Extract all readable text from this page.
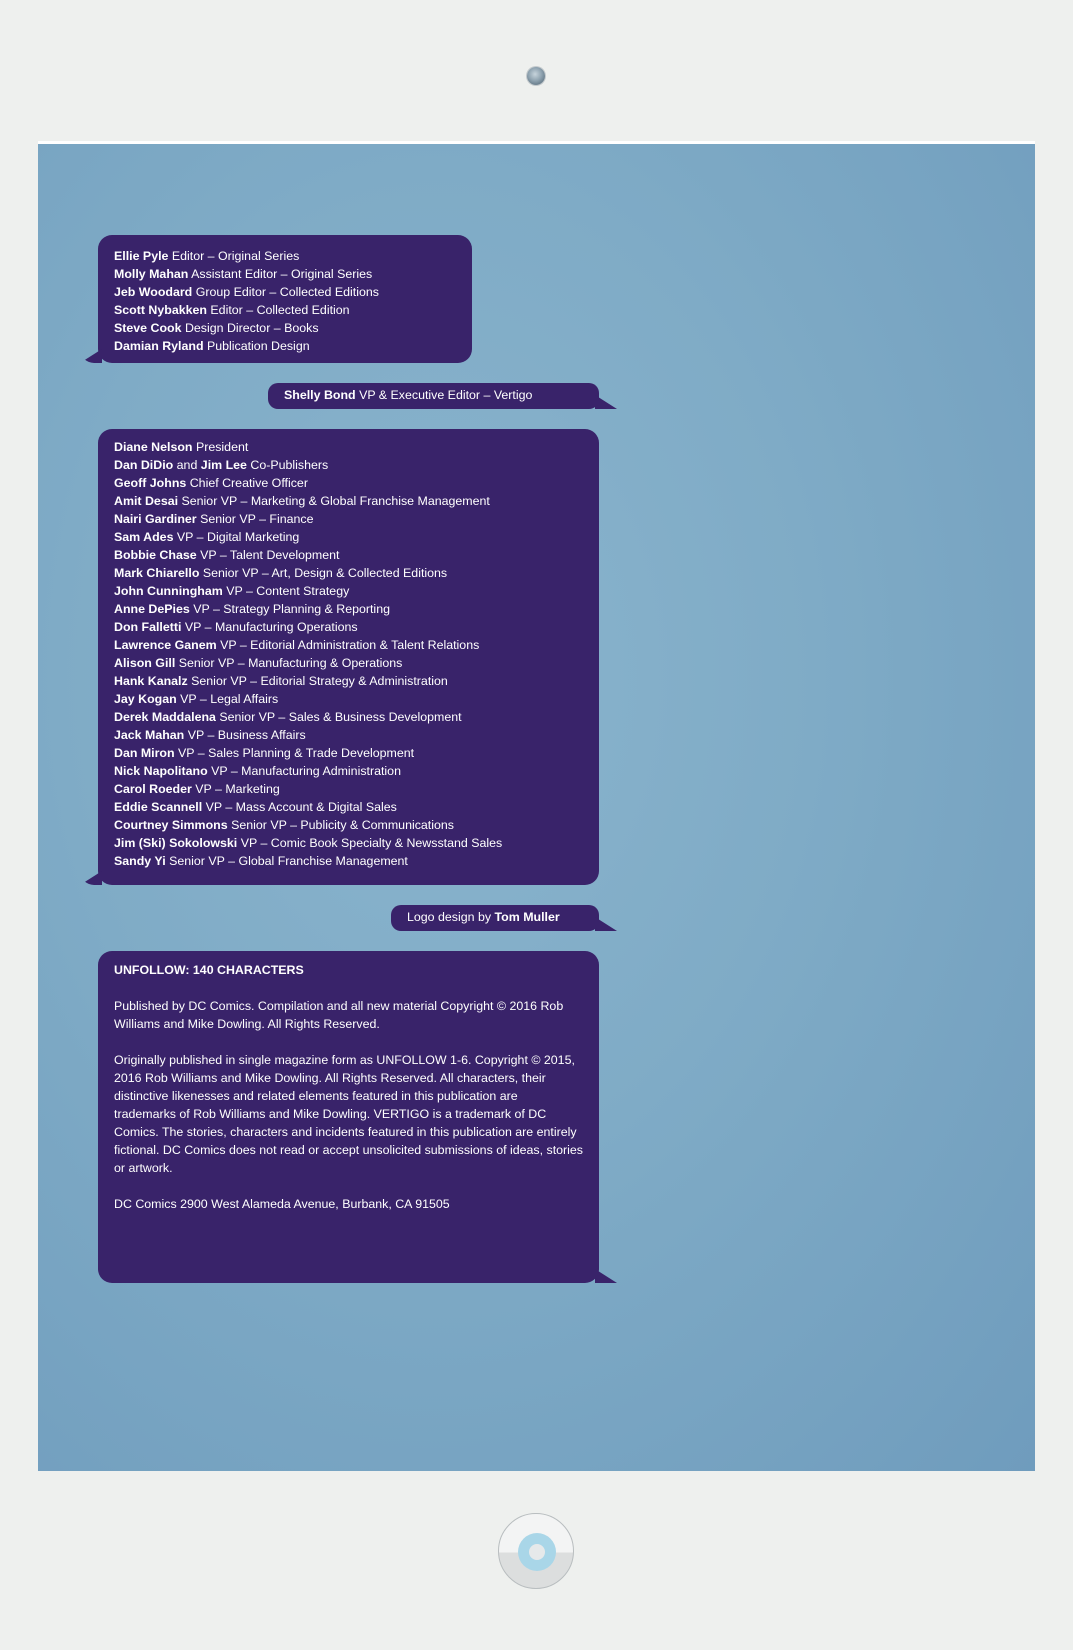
Ellie Pyle Editor – Original Series
Molly Mahan Assistant Editor – Original Series
Jeb Woodard Group Editor – Collected Editions
Scott Nybakken Editor – Collected Edition
Steve Cook Design Director – Books
Damian Ryland Publication Design
Shelly Bond VP & Executive Editor – Vertigo
Diane Nelson President
Dan DiDio and Jim Lee Co-Publishers
Geoff Johns Chief Creative Officer
Amit Desai Senior VP – Marketing & Global Franchise Management
Nairi Gardiner Senior VP – Finance
Sam Ades VP – Digital Marketing
Bobbie Chase VP – Talent Development
Mark Chiarello Senior VP – Art, Design & Collected Editions
John Cunningham VP – Content Strategy
Anne DePies VP – Strategy Planning & Reporting
Don Falletti VP – Manufacturing Operations
Lawrence Ganem VP – Editorial Administration & Talent Relations
Alison Gill Senior VP – Manufacturing & Operations
Hank Kanalz Senior VP – Editorial Strategy & Administration
Jay Kogan VP – Legal Affairs
Derek Maddalena Senior VP – Sales & Business Development
Jack Mahan VP – Business Affairs
Dan Miron VP – Sales Planning & Trade Development
Nick Napolitano VP – Manufacturing Administration
Carol Roeder VP – Marketing
Eddie Scannell VP – Mass Account & Digital Sales
Courtney Simmons Senior VP – Publicity & Communications
Jim (Ski) Sokolowski VP – Comic Book Specialty & Newsstand Sales
Sandy Yi Senior VP – Global Franchise Management
Logo design by Tom Muller
UNFOLLOW: 140 CHARACTERS

Published by DC Comics. Compilation and all new material Copyright © 2016 Rob Williams and Mike Dowling. All Rights Reserved.

Originally published in single magazine form as UNFOLLOW 1-6. Copyright © 2015, 2016 Rob Williams and Mike Dowling. All Rights Reserved. All characters, their distinctive likenesses and related elements featured in this publication are trademarks of Rob Williams and Mike Dowling. VERTIGO is a trademark of DC Comics. The stories, characters and incidents featured in this publication are entirely fictional. DC Comics does not read or accept unsolicited submissions of ideas, stories or artwork.

DC Comics 2900 West Alameda Avenue, Burbank, CA 91505
